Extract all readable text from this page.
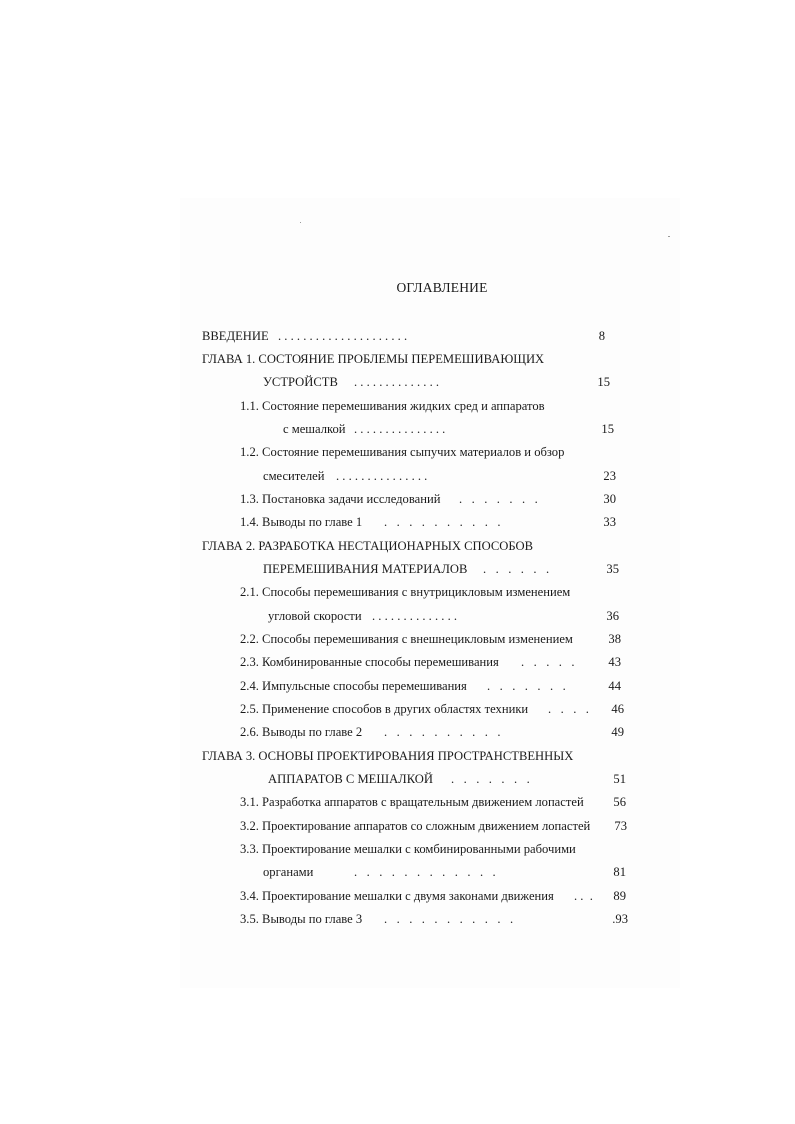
ОГЛАВЛЕНИЕ
ВВЕДЕНИЕ . . . . . . . . . . . . . . . . . . . . .	8
ГЛАВА 1. СОСТОЯНИЕ ПРОБЛЕМЫ ПЕРЕМЕШИВАЮЩИХ
УСТРОЙСТВ . . . . . . . . . . . . . .	15
1.1. Состояние перемешивания жидких сред и аппаратов
с мешалкой . . . . . . . . . . . . . . .	15
1.2. Состояние перемешивания сыпучих материалов и обзор
смесителей . . . . . . . . . . . . . . .	23
1.3. Постановка задачи исследований .   .   .   .   .   .   .	30
1.4. Выводы по главе 1 .   .   .   .   .   .   .   .   .   .	33
ГЛАВА 2. РАЗРАБОТКА НЕСТАЦИОНАРНЫХ СПОСОБОВ
ПЕРЕМЕШИВАНИЯ МАТЕРИАЛОВ .   .   .   .   .   .	35
2.1. Способы перемешивания с внутрицикловым изменением
угловой скорости . . . . . . . . . . . . . .	36
2.2. Способы перемешивания с внешнецикловым изменением	38
2.3. Комбинированные способы перемешивания .   .   .   .   .	43
2.4. Импульсные способы перемешивания .   .   .   .   .   .   .	44
2.5. Применение способов в других областях техники .   .   .   .	46
2.6. Выводы по главе 2 .   .   .   .   .   .   .   .   .   .	49
ГЛАВА 3. ОСНОВЫ ПРОЕКТИРОВАНИЯ ПРОСТРАНСТВЕННЫХ
АППАРАТОВ С МЕШАЛКОЙ .   .   .   .   .   .   .	51
3.1. Разработка аппаратов с вращательным движением лопастей	56
3.2. Проектирование аппаратов со сложным движением лопастей	73
3.3. Проектирование мешалки с комбинированными рабочими
органами	.   .   .   .   .   .   .   .   .   .   .   .	81
3.4. Проектирование мешалки с двумя законами движения . .  .	89
3.5. Выводы по главе 3 .   .   .   .   .   .   .   .   .   .   .	.93
